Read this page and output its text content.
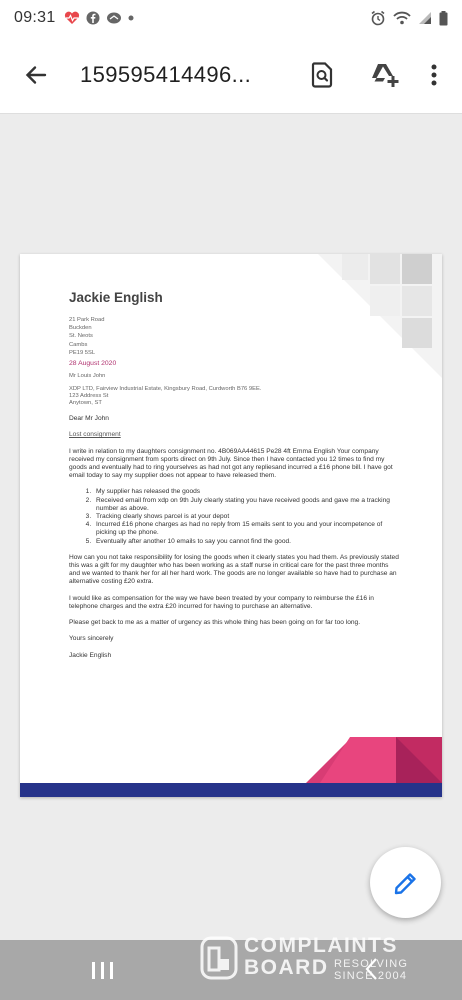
09:31
159595414496...
Jackie English
21 Park Road
Buckden
St. Neots
Cambs
PE19 5SL
28 August 2020
Mr Louis John
XDP LTD, Fairview Industrial Estate, Kingsbury Road, Curdworth B76 9EE.
123 Address St
Anytown, ST
Dear Mr John
Lost consignment
I write in relation to my daughters consignment no. 4B069AA44615 Pe28 4ft Emma English Your company received my consignment from sports direct on 9th July. Since then I have contacted you 12 times to find my goods and eventually had to ring yourselves as had not got any repliesand incurred a £16 phone bill. I have got email today to say my supplier does not appear to have released them.
1. My supplier has released the goods
2. Received email from xdp on 9th July clearly stating you have received goods and gave me a tracking number as above.
3. Tracking clearly shows parcel is at your depot
4. Incurred £16 phone charges as had no reply from 15 emails sent to you and your incompetence of picking up the phone.
5. Eventually after another 10 emails to say you cannot find the good.
How can you not take responsibility for losing the goods when it clearly states you had them. As previously stated this was a gift for my daughter who has been working as a staff nurse in critical care for the past three months and we wanted to thank her for all her hard work. The goods are no longer available so have had to purchase an alternative costing £20 extra.
I would like as compensation for the way we have been treated by your company to reimburse the £16 in telephone charges and the extra £20 incurred for having to purchase an alternative.
Please get back to me as a matter of urgency as this whole thing has been going on for far too long.
Yours sincerely
Jackie English
COMPLAINTS
BOARD RESOLVING
SINCE 2004
